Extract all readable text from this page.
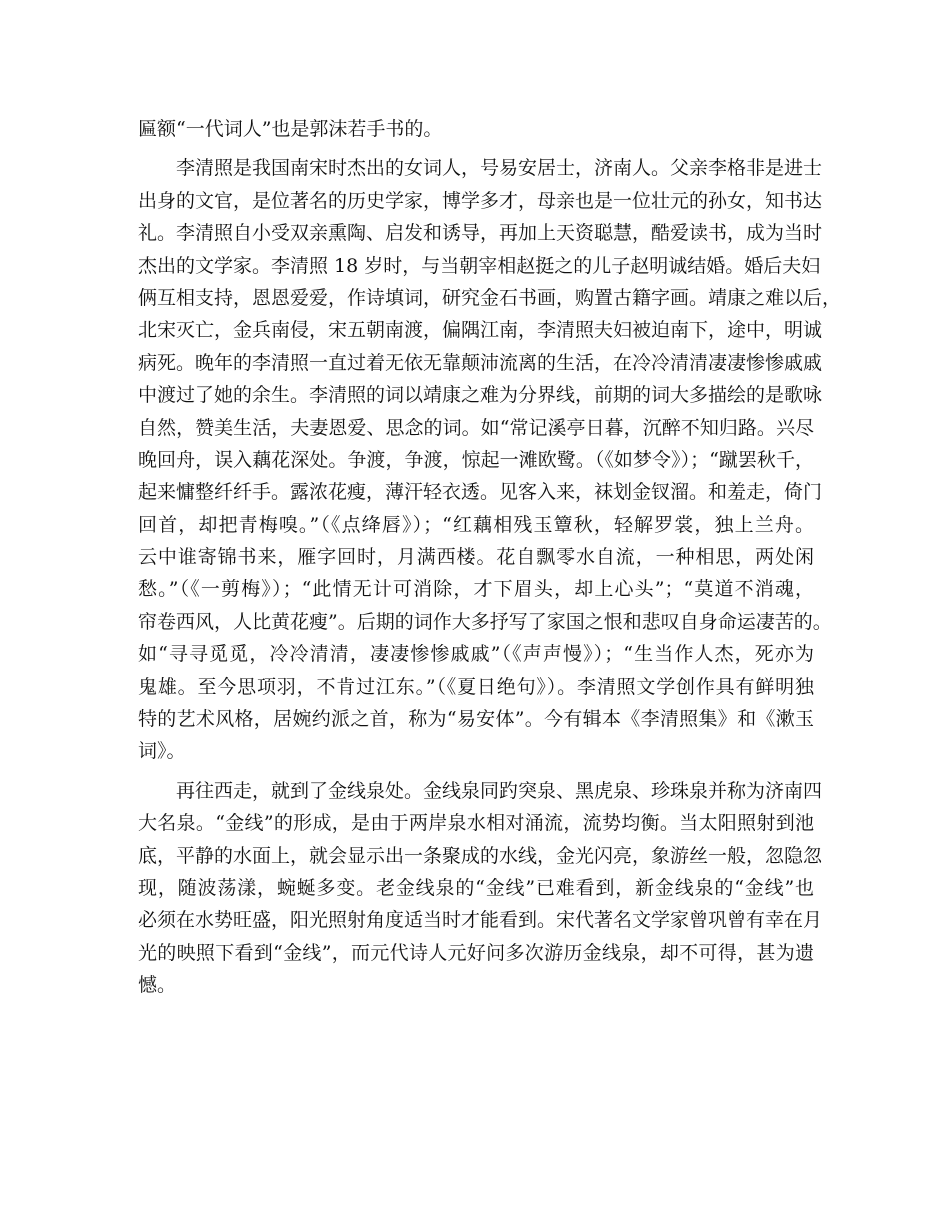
匾额“一代词人”也是郭沫若手书的。
李清照是我国南宋时杰出的女词人，号易安居士，济南人。父亲李格非是进士
出身的文官，是位著名的历史学家，博学多才，母亲也是一位壮元的孙女，知书达
礼。李清照自小受双亲熏陶、启发和诱导，再加上天资聪慧，酷爱读书，成为当时
杰出的文学家。李清照 18 岁时，与当朝宰相赵挺之的儿子赵明诚结婚。婚后夫妇
俩互相支持，恩恩爱爱，作诗填词，研究金石书画，购置古籍字画。靖康之难以后，
北宋灭亡，金兵南侵，宋五朝南渡，偏隅江南，李清照夫妇被迫南下，途中，明诚
病死。晚年的李清照一直过着无依无靠颠沛流离的生活，在冷冷清清凄凄惨惨戚戚
中渡过了她的余生。李清照的词以靖康之难为分界线，前期的词大多描绘的是歌咏
自然，赞美生活，夫妻恩爱、思念的词。如“常记溪亭日暮，沉醉不知归路。兴尽
晚回舟，误入藕花深处。争渡，争渡，惊起一滩欧鹭。（《如梦令》）；“蹴罢秋千，
起来慵整纤纤手。露浓花瘦，薄汗轻衣透。见客入来，袜划金钗溜。和羞走，倚门
回首，却把青梅嗅。”（《点绛唇》）；“红藕相残玉簟秋，轻解罗裳，独上兰舟。
云中谁寄锦书来，雁字回时，月满西楼。花自飘零水自流，一种相思，两处闲
愁。”（《一剪梅》）；“此情无计可消除，才下眉头，却上心头”；“莫道不消魂，
帘卷西风，人比黄花瘦”。后期的词作大多抒写了家国之恨和悲叹自身命运凄苦的。
如“寻寻觅觅，冷冷清清，凄凄惨惨戚戚”（《声声慢》）；“生当作人杰，死亦为
鬼雄。至今思项羽，不肯过江东。”（《夏日绝句》）。李清照文学创作具有鲜明独
特的艺术风格，居婉约派之首，称为“易安体”。今有辑本《李清照集》和《漱玉
词》。
再往西走，就到了金线泉处。金线泉同趵突泉、黑虎泉、珍珠泉并称为济南四
大名泉。“金线”的形成，是由于两岸泉水相对涌流，流势均衡。当太阳照射到池
底，平静的水面上，就会显示出一条聚成的水线，金光闪亮，象游丝一般，忽隐忽
现，随波荡漾，蜿蜒多变。老金线泉的“金线”已难看到，新金线泉的“金线”也
必须在水势旺盛，阳光照射角度适当时才能看到。宋代著名文学家曾巩曾有幸在月
光的映照下看到“金线”，而元代诗人元好问多次游历金线泉，却不可得，甚为遗
憾。
